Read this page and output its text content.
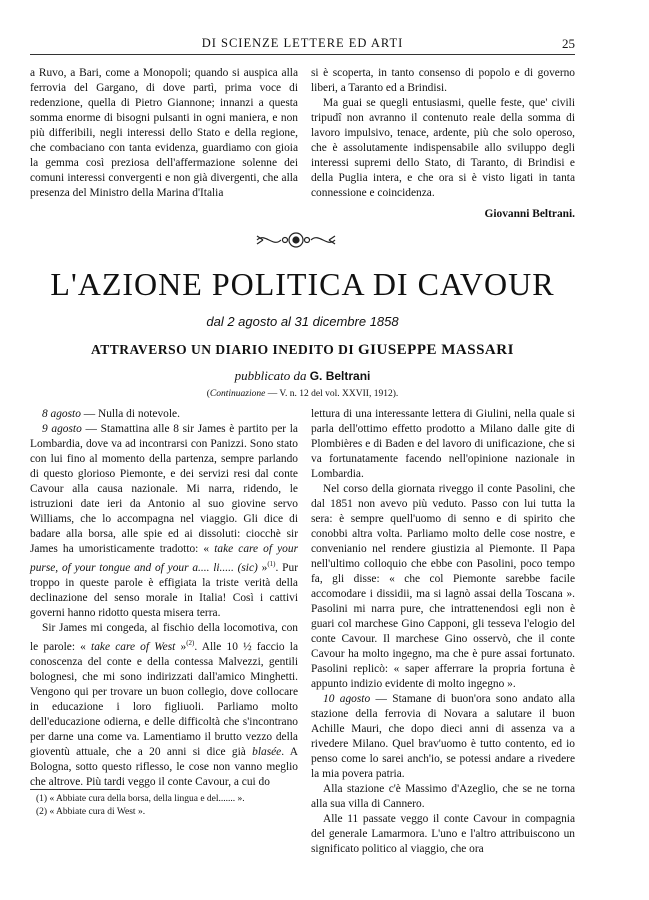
DI SCIENZE LETTERE ED ARTI	25

a Ruvo, a Bari, come a Monopoli; quando si auspica alla ferrovia del Gargano, di dove partì, prima voce di redenzione, quella di Pietro Giannone; innanzi a questa somma enorme di bisogni pulsanti in ogni maniera, e non più differibili, negli interessi dello Stato e della regione, che combaciano con tanta evidenza, guardiamo con gioia la gemma così preziosa dell'affermazione solenne dei comuni interessi convergenti e non già divergenti, che alla presenza del Ministro della Marina d'Italia

si è scoperta, in tanto consenso di popolo e di governo liberi, a Taranto ed a Brindisi.

Ma guai se quegli entusiasmi, quelle feste, que' civili tripudî non avranno il contenuto reale della somma di lavoro impulsivo, tenace, ardente, più che solo operoso, che è assolutamente indispensabile allo sviluppo degli interessi supremi dello Stato, di Taranto, di Brindisi e della Puglia intera, e che ora si è visto ligati in tanta connessione e coincidenza.

Giovanni Beltrani.

L'AZIONE POLITICA DI CAVOUR
dal 2 agosto al 31 dicembre 1858
ATTRAVERSO UN DIARIO INEDITO DI GIUSEPPE MASSARI
pubblicato da G. Beltrani
(Continuazione — V. n. 12 del vol. XXVII, 1912).

8 agosto — Nulla di notevole.

9 agosto — Stamattina alle 8 sir James è partito per la Lombardia, dove va ad incontrarsi con Panizzi. Sono stato con lui fino al momento della partenza, sempre parlando di questo glorioso Piemonte, e dei servizi resi dal conte Cavour alla causa nazionale. Mi narra, ridendo, le istruzioni date ieri da Antonio al suo giovine servo Williams, che lo accompagna nel viaggio. Gli dice di badare alla borsa, alle spie ed ai dissoluti: ciocchè sir James ha umoristicamente tradotto: « take care of your purse, of your tongue and of your a.... li..... (sic) »$^{(1)}$. Pur troppo in queste parole è effigiata la triste verità della declinazione del senso morale in Italia! Così i cattivi governi hanno ridotto questa misera terra.

Sir James mi congeda, al fischio della locomotiva, con le parole: « take care of West »$^{(2)}$. Alle 10 ½ faccio la conoscenza del conte e della contessa Malvezzi, gentili bolognesi, che mi sono indirizzati dall'amico Minghetti. Vengono qui per trovare un buon collegio, dove collocare in educazione i loro figliuoli. Parliamo molto dell'educazione odierna, e delle difficoltà che s'incontrano per darne una come va. Lamentiamo il brutto vezzo della gioventù attuale, che a 20 anni si dice già blasée. A Bologna, sotto questo riflesso, le cose non vanno meglio che altrove. Più tardi veggo il conte Cavour, a cui do

lettura di una interessante lettera di Giulini, nella quale si parla dell'ottimo effetto prodotto a Milano dalle gite di Plombières e di Baden e del lavoro di unificazione, che si va fortunatamente facendo nell'opinione nazionale in Lombardia.

Nel corso della giornata riveggo il conte Pasolini, che dal 1851 non avevo più veduto. Passo con lui tutta la sera: è sempre quell'uomo di senno e di spirito che conobbi altra volta. Parliamo molto delle cose nostre, e convenianio nel rendere giustizia al Piemonte. Il Papa nell'ultimo colloquio che ebbe con Pasolini, poco tempo fa, gli disse: « che col Piemonte sarebbe facile accomodare i dissidii, ma si lagnò assai della Toscana ». Pasolini mi narra pure, che intrattenendosi egli non è guari col marchese Gino Capponi, gli tesseva l'elogio del conte Cavour. Il marchese Gino osservò, che il conte Cavour ha molto ingegno, ma che è pure assai fortunato. Pasolini replicò: « saper afferrare la propria fortuna è appunto indizio evidente di molto ingegno ».

10 agosto — Stamane di buon'ora sono andato alla stazione della ferrovia di Novara a salutare il buon Achille Mauri, che dopo dieci anni di assenza va a rivedere Milano. Quel brav'uomo è tutto contento, ed io penso come lo sarei anch'io, se potessi andare a rivedere la mia povera patria.

Alla stazione c'è Massimo d'Azeglio, che se ne torna alla sua villa di Cannero.

Alle 11 passate veggo il conte Cavour in compagnia del generale Lamarmora. L'uno e l'altro attribuiscono un significato politico al viaggio, che ora

(1) « Abbiate cura della borsa, della lingua e del....... ».

(2) « Abbiate cura di West ».
